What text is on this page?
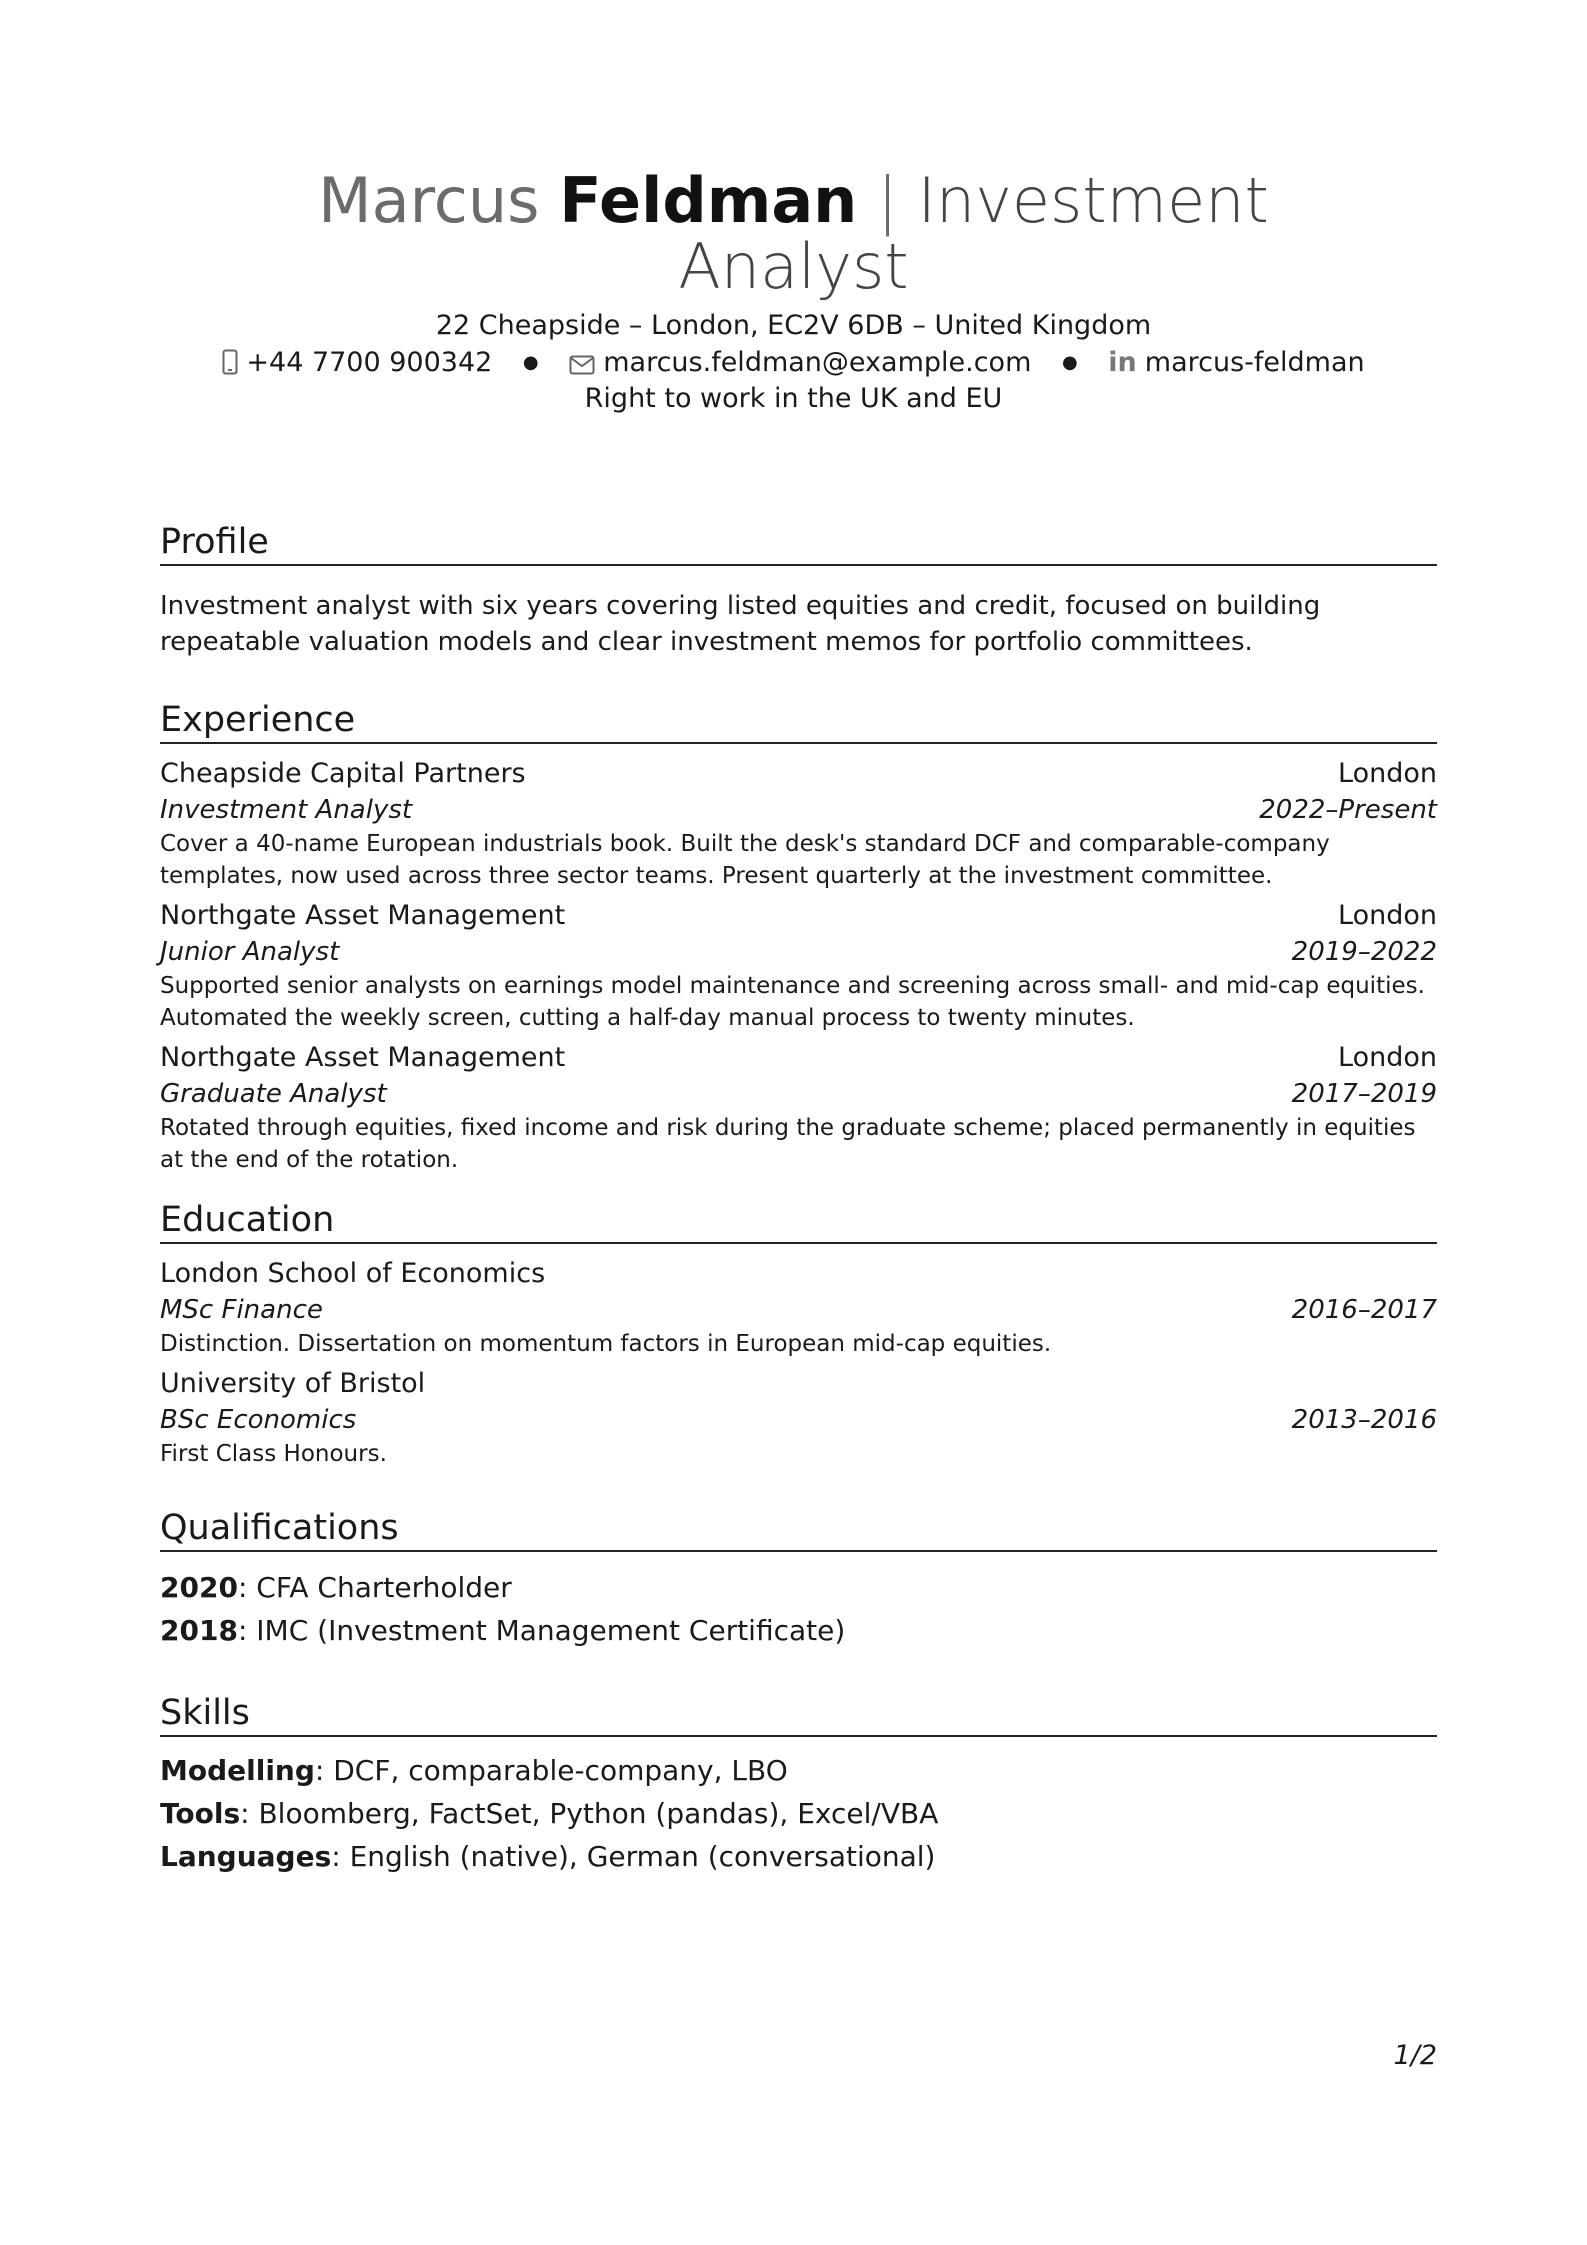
Marcus Feldman | Investment
Analyst
22 Cheapside – London, EC2V 6DB – United Kingdom
+44 7700 900342 ● marcus.feldman@example.com ● in marcus-feldman
Right to work in the UK and EU
Profile

Investment analyst with six years covering listed equities and credit, focused on building repeatable valuation models and clear investment memos for portfolio committees.

Experience
Cheapside Capital Partners	London
Investment Analyst	2022–Present

Cover a 40-name European industrials book. Built the desk's standard DCF and comparable-company templates, now used across three sector teams. Present quarterly at the investment committee.

Northgate Asset Management	London
Junior Analyst	2019–2022

Supported senior analysts on earnings model maintenance and screening across small- and mid-cap equities. Automated the weekly screen, cutting a half-day manual process to twenty minutes.

Northgate Asset Management	London
Graduate Analyst	2017–2019

Rotated through equities, fixed income and risk during the graduate scheme; placed permanently in equities at the end of the rotation.

Education
London School of Economics
MSc Finance	2016–2017

Distinction. Dissertation on momentum factors in European mid-cap equities.

University of Bristol
BSc Economics	2013–2016

First Class Honours.

Qualifications

2020: CFA Charterholder

2018: IMC (Investment Management Certificate)

Skills

Modelling: DCF, comparable-company, LBO

Tools: Bloomberg, FactSet, Python (pandas), Excel/VBA

Languages: English (native), German (conversational)

1/2
